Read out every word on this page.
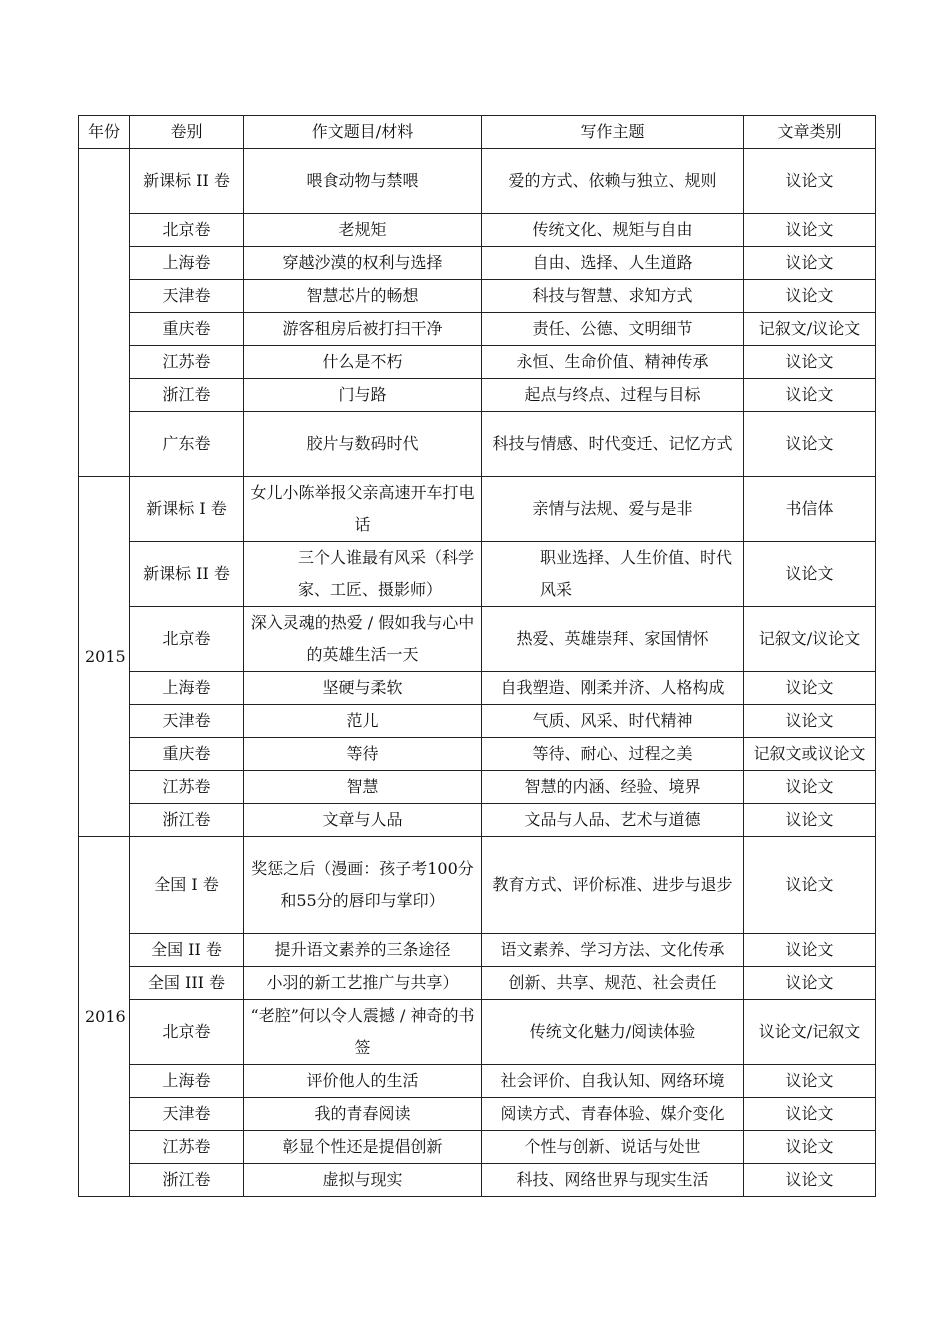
年份	卷别	作文题目/材料	写作主题	文章类别
	新课标 II 卷	喂食动物与禁喂	爱的方式、依赖与独立、规则	议论文
	北京卷	老规矩	传统文化、规矩与自由	议论文
	上海卷	穿越沙漠的权利与选择	自由、选择、人生道路	议论文
	天津卷	智慧芯片的畅想	科技与智慧、求知方式	议论文
	重庆卷	游客租房后被打扫干净	责任、公德、文明细节	记叙文/议论文
	江苏卷	什么是不朽	永恒、生命价值、精神传承	议论文
	浙江卷	门与路	起点与终点、过程与目标	议论文
	广东卷	胶片与数码时代	科技与情感、时代变迁、记忆方式	议论文
2015	新课标 I 卷	女儿小陈举报父亲高速开车打电话	亲情与法规、爱与是非	书信体
	新课标 II 卷	三个人谁最有风采（科学家、工匠、摄影师）	职业选择、人生价值、时代风采	议论文
	北京卷	深入灵魂的热爱 / 假如我与心中的英雄生活一天	热爱、英雄崇拜、家国情怀	记叙文/议论文
	上海卷	坚硬与柔软	自我塑造、刚柔并济、人格构成	议论文
	天津卷	范儿	气质、风采、时代精神	议论文
	重庆卷	等待	等待、耐心、过程之美	记叙文或议论文
	江苏卷	智慧	智慧的内涵、经验、境界	议论文
	浙江卷	文章与人品	文品与人品、艺术与道德	议论文
2016	全国 I 卷	奖惩之后（漫画：孩子考100分和55分的唇印与掌印）	教育方式、评价标准、进步与退步	议论文
	全国 II 卷	提升语文素养的三条途径	语文素养、学习方法、文化传承	议论文
	全国 III 卷	小羽的新工艺推广与共享）	创新、共享、规范、社会责任	议论文
	北京卷	“老腔”何以令人震撼 / 神奇的书签	传统文化魅力/阅读体验	议论文/记叙文
	上海卷	评价他人的生活	社会评价、自我认知、网络环境	议论文
	天津卷	我的青春阅读	阅读方式、青春体验、媒介变化	议论文
	江苏卷	彰显个性还是提倡创新	个性与创新、说话与处世	议论文
	浙江卷	虚拟与现实	科技、网络世界与现实生活	议论文
